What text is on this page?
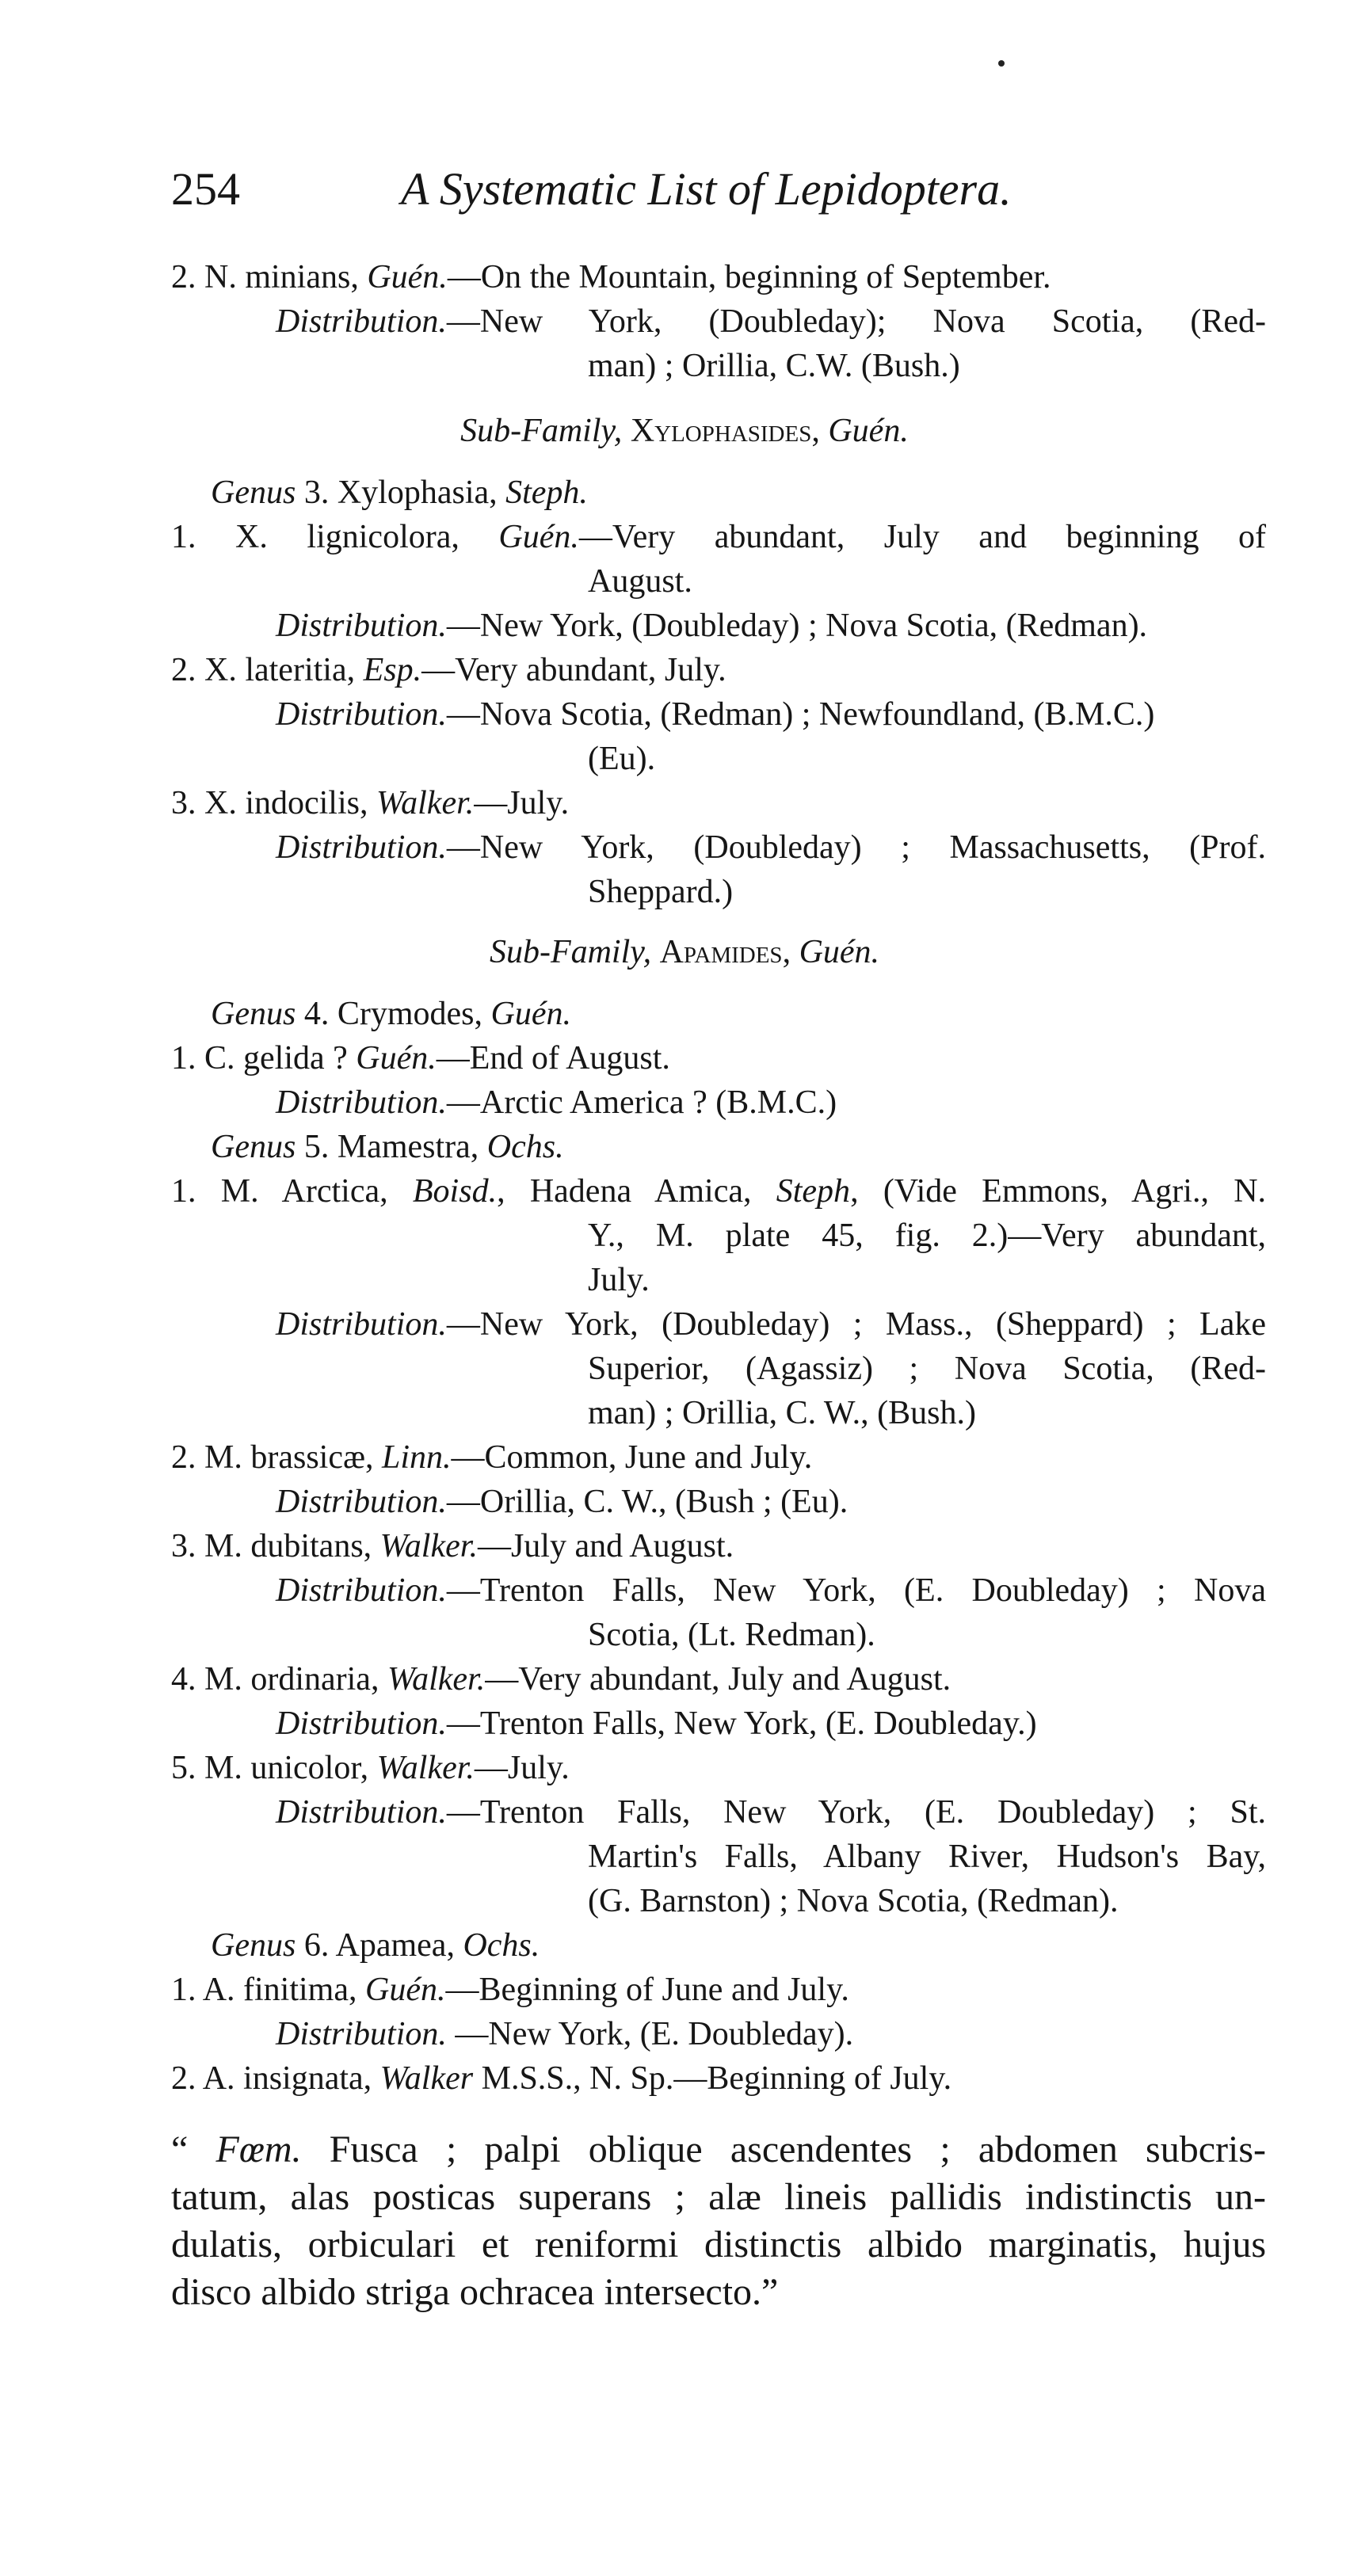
254	A Systematic List of Lepidoptera.
2. N. minians, Guén.—On the Mountain, beginning of September.
Distribution.—New York, (Doubleday); Nova Scotia, (Red-
man) ; Orillia, C.W. (Bush.)
Sub-Family, Xylophasides, Guén.
Genus 3. Xylophasia, Steph.
1. X. lignicolora, Guén.—Very abundant, July and beginning of
August.
Distribution.—New York, (Doubleday) ; Nova Scotia, (Redman).
2. X. lateritia, Esp.—Very abundant, July.
Distribution.—Nova Scotia, (Redman) ; Newfoundland, (B.M.C.)
(Eu).
3. X. indocilis, Walker.—July.
Distribution.—New York, (Doubleday) ; Massachusetts, (Prof.
Sheppard.)
Sub-Family, Apamides, Guén.
Genus 4. Crymodes, Guén.
1. C. gelida ? Guén.—End of August.
Distribution.—Arctic America ? (B.M.C.)
Genus 5. Mamestra, Ochs.
1. M. Arctica, Boisd., Hadena Amica, Steph, (Vide Emmons, Agri., N.
Y., M. plate 45, fig. 2.)—Very abundant,
July.
Distribution.—New York, (Doubleday) ; Mass., (Sheppard) ; Lake
Superior, (Agassiz) ; Nova Scotia, (Red-
man) ; Orillia, C. W., (Bush.)
2. M. brassicæ, Linn.—Common, June and July.
Distribution.—Orillia, C. W., (Bush ; (Eu).
3. M. dubitans, Walker.—July and August.
Distribution.—Trenton Falls, New York, (E. Doubleday) ; Nova
Scotia, (Lt. Redman).
4. M. ordinaria, Walker.—Very abundant, July and August.
Distribution.—Trenton Falls, New York, (E. Doubleday.)
5. M. unicolor, Walker.—July.
Distribution.—Trenton Falls, New York, (E. Doubleday) ; St.
Martin's Falls, Albany River, Hudson's Bay,
(G. Barnston) ; Nova Scotia, (Redman).
Genus 6. Apamea, Ochs.
1. A. finitima, Guén.—Beginning of June and July.
Distribution. —New York, (E. Doubleday).
2. A. insignata, Walker M.S.S., N. Sp.—Beginning of July.
“ Fœm. Fusca ; palpi oblique ascendentes ; abdomen subcris-
tatum, alas posticas superans ; alæ lineis pallidis indistinctis un-
dulatis, orbiculari et reniformi distinctis albido marginatis, hujus
disco albido striga ochracea intersecto.”
